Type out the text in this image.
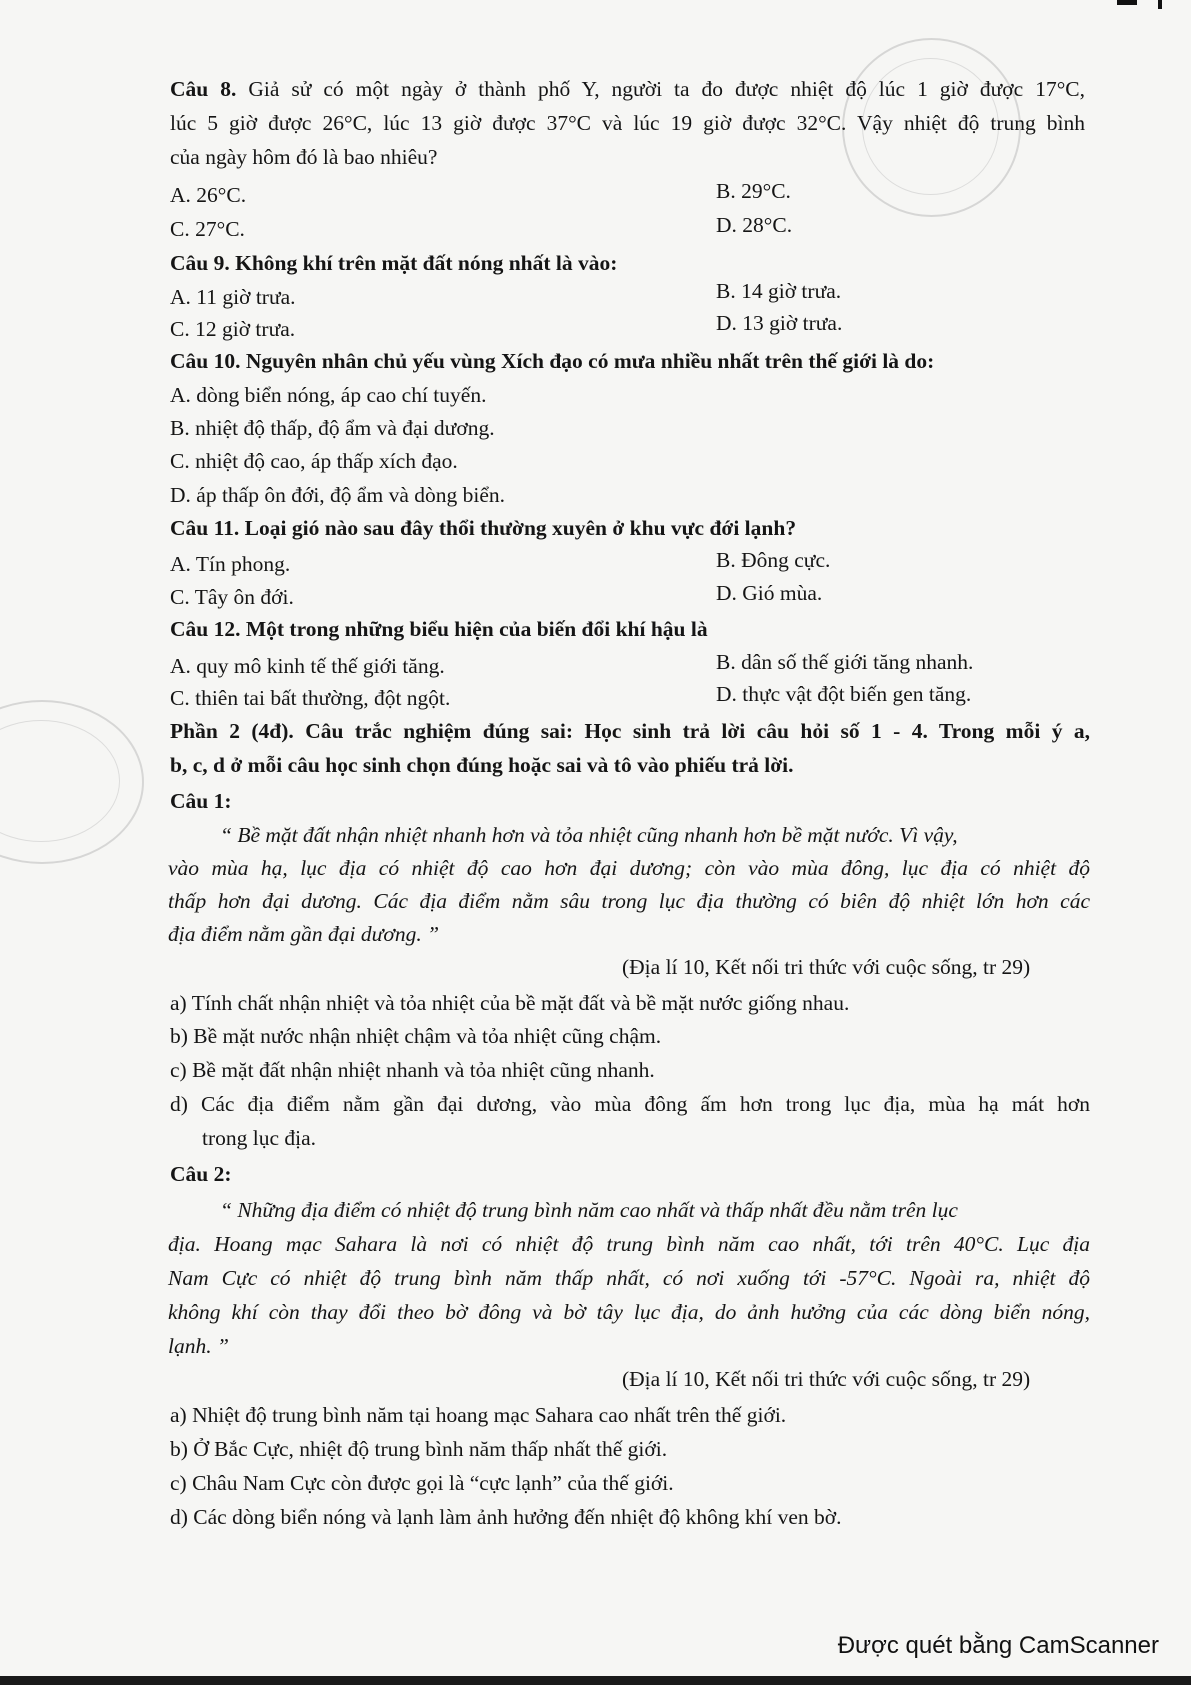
Câu 8. Giả sử có một ngày ở thành phố Y, người ta đo được nhiệt độ lúc 1 giờ được 17°C,
lúc 5 giờ được 26°C, lúc 13 giờ được 37°C và lúc 19 giờ được 32°C. Vậy nhiệt độ trung bình
của ngày hôm đó là bao nhiêu?
A. 26°C.	B. 29°C.
C. 27°C.	D. 28°C.
Câu 9. Không khí trên mặt đất nóng nhất là vào:
A. 11 giờ trưa.	B. 14 giờ trưa.
C. 12 giờ trưa.	D. 13 giờ trưa.
Câu 10. Nguyên nhân chủ yếu vùng Xích đạo có mưa nhiều nhất trên thế giới là do:
A. dòng biển nóng, áp cao chí tuyến.
B. nhiệt độ thấp, độ ẩm và đại dương.
C. nhiệt độ cao, áp thấp xích đạo.
D. áp thấp ôn đới, độ ẩm và dòng biển.
Câu 11. Loại gió nào sau đây thổi thường xuyên ở khu vực đới lạnh?
A. Tín phong.	B. Đông cực.
C. Tây ôn đới.	D. Gió mùa.
Câu 12. Một trong những biểu hiện của biến đổi khí hậu là
A. quy mô kinh tế thế giới tăng.	B. dân số thế giới tăng nhanh.
C. thiên tai bất thường, đột ngột.	D. thực vật đột biến gen tăng.
Phần 2 (4đ). Câu trắc nghiệm đúng sai: Học sinh trả lời câu hỏi số 1 - 4. Trong mỗi ý a,
b, c, d ở mỗi câu học sinh chọn đúng hoặc sai và tô vào phiếu trả lời.
Câu 1:
“ Bề mặt đất nhận nhiệt nhanh hơn và tỏa nhiệt cũng nhanh hơn bề mặt nước. Vì vậy,
vào mùa hạ, lục địa có nhiệt độ cao hơn đại dương; còn vào mùa đông, lục địa có nhiệt độ
thấp hơn đại dương. Các địa điểm nằm sâu trong lục địa thường có biên độ nhiệt lớn hơn các
địa điểm nằm gần đại dương. ”
(Địa lí 10, Kết nối tri thức với cuộc sống, tr 29)
a) Tính chất nhận nhiệt và tỏa nhiệt của bề mặt đất và bề mặt nước giống nhau.
b) Bề mặt nước nhận nhiệt chậm và tỏa nhiệt cũng chậm.
c) Bề mặt đất nhận nhiệt nhanh và tỏa nhiệt cũng nhanh.
d) Các địa điểm nằm gần đại dương, vào mùa đông ấm hơn trong lục địa, mùa hạ mát hơn
trong lục địa.
Câu 2:
“ Những địa điểm có nhiệt độ trung bình năm cao nhất và thấp nhất đều nằm trên lục
địa. Hoang mạc Sahara là nơi có nhiệt độ trung bình năm cao nhất, tới trên 40°C. Lục địa
Nam Cực có nhiệt độ trung bình năm thấp nhất, có nơi xuống tới -57°C. Ngoài ra, nhiệt độ
không khí còn thay đổi theo bờ đông và bờ tây lục địa, do ảnh hưởng của các dòng biển nóng,
lạnh. ”
(Địa lí 10, Kết nối tri thức với cuộc sống, tr 29)
a) Nhiệt độ trung bình năm tại hoang mạc Sahara cao nhất trên thế giới.
b) Ở Bắc Cực, nhiệt độ trung bình năm thấp nhất thế giới.
c) Châu Nam Cực còn được gọi là “cực lạnh” của thế giới.
d) Các dòng biển nóng và lạnh làm ảnh hưởng đến nhiệt độ không khí ven bờ.
Được quét bằng CamScanner
